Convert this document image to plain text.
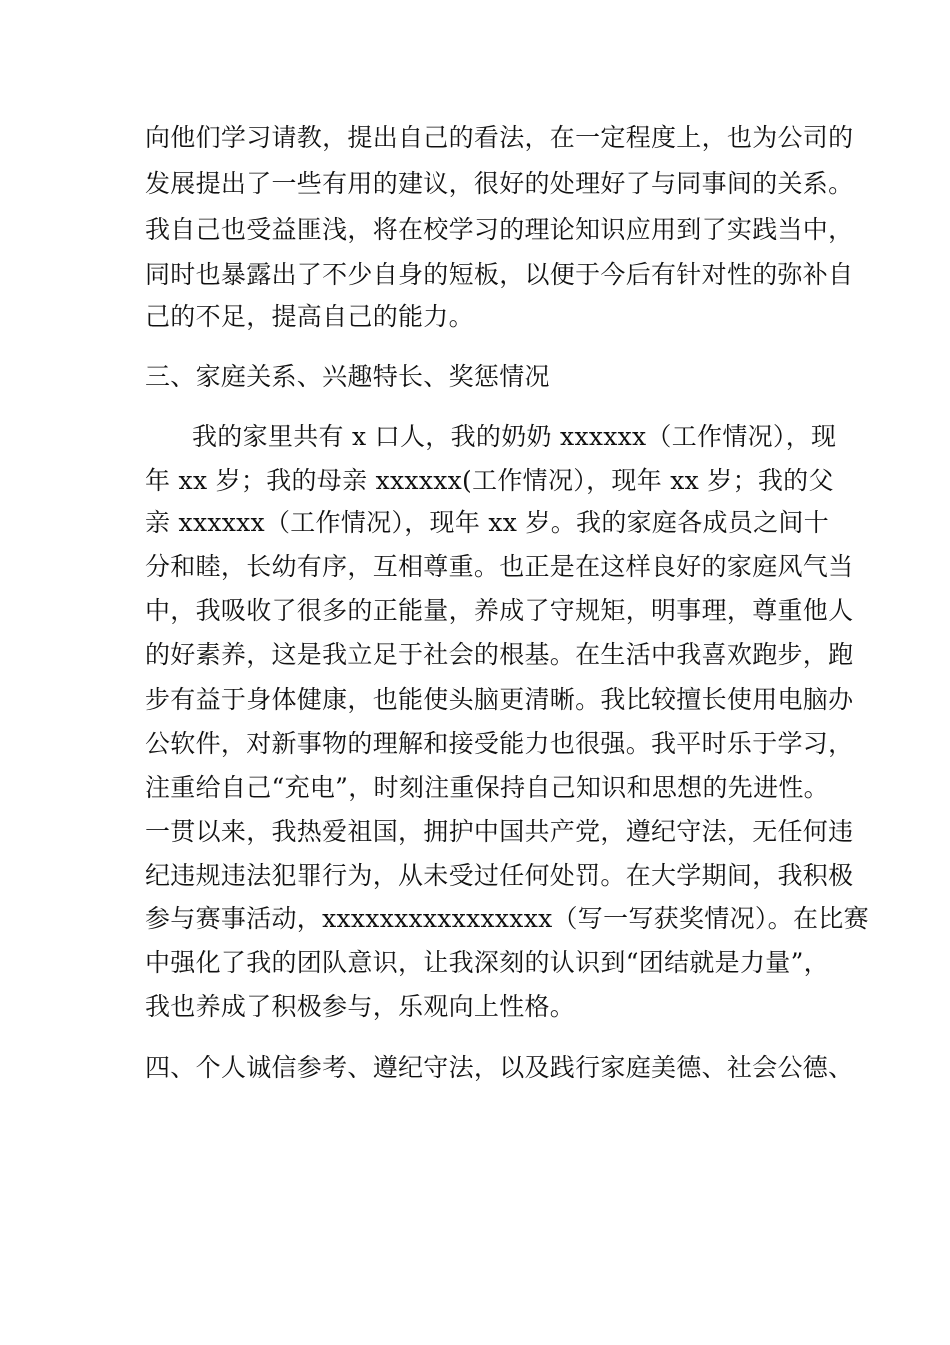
向他们学习请教，提出自己的看法，在一定程度上，也为公司的
发展提出了一些有用的建议，很好的处理好了与同事间的关系。
我自己也受益匪浅，将在校学习的理论知识应用到了实践当中，
同时也暴露出了不少自身的短板，以便于今后有针对性的弥补自
己的不足，提高自己的能力。
三、家庭关系、兴趣特长、奖惩情况
我的家里共有 x 口人，我的奶奶 xxxxxx（工作情况），现
年 xx 岁；我的母亲 xxxxxx(工作情况），现年 xx 岁；我的父
亲 xxxxxx（工作情况），现年 xx 岁。我的家庭各成员之间十
分和睦，长幼有序，互相尊重。也正是在这样良好的家庭风气当
中，我吸收了很多的正能量，养成了守规矩，明事理，尊重他人
的好素养，这是我立足于社会的根基。在生活中我喜欢跑步，跑
步有益于身体健康，也能使头脑更清晰。我比较擅长使用电脑办
公软件，对新事物的理解和接受能力也很强。我平时乐于学习，
注重给自己“充电”，时刻注重保持自己知识和思想的先进性。
一贯以来，我热爱祖国，拥护中国共产党，遵纪守法，无任何违
纪违规违法犯罪行为，从未受过任何处罚。在大学期间，我积极
参与赛事活动，xxxxxxxxxxxxxxxx（写一写获奖情况）。在比赛
中强化了我的团队意识，让我深刻的认识到“团结就是力量”，
我也养成了积极参与，乐观向上性格。
四、个人诚信参考、遵纪守法，以及践行家庭美德、社会公德、
